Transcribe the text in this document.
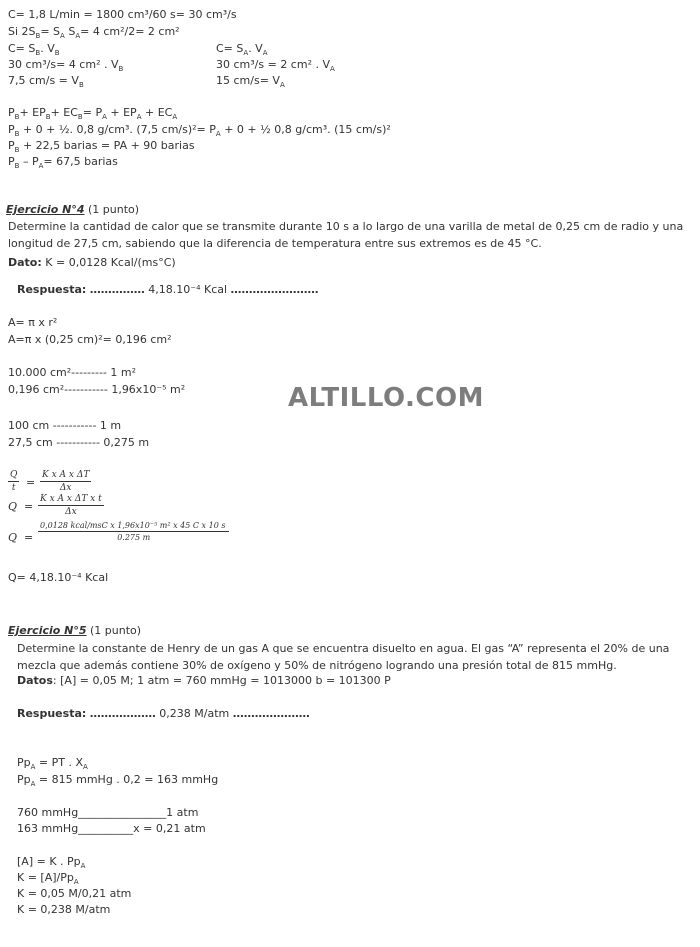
C= 1,8 L/min = 1800 cm³/60 s= 30 cm³/s
Si $2S_B= S_A$ $S_A= 4$ cm²/2= 2 cm²
$C= S_B$. $V_B$
30 cm³/s= 4 cm² . $V_B$
7,5 $cm/s = V_B$
$C= S_A$. $V_A$
30 cm³/s = 2 cm² . $V_A$
15 $cm/s= V_A$
$P_B+ EP_B+ EC_B= P_A + EP_A + EC_A$
$P_B + 0$ + ½. 0,8 g/cm³. (7,5 $cm/s)^2= P_A + 0$ + ½ 0,8 g/cm³. (15 cm/s)²
$P_B + 22,5$ barias = PA + 90 barias
$P_B - P_A= 67,5$ barias
Ejercicio N°4 (1 punto)
Determine la cantidad de calor que se transmite durante 10 s a lo largo de una varilla de metal de 0,25 cm de radio y una longitud de 27,5 cm, sabiendo que la diferencia de temperatura entre sus extremos es de 45 °C.
Dato: K = 0,0128 Kcal/(ms°C)
Respuesta: …………… 4,18.10⁻⁴ Kcal ……………………
A= π x r²
A=π x (0,25 cm)²= 0,196 cm²
10.000 cm²--------- 1 m²
0,196 cm²----------- 1,96x10⁻⁵ m²
100 cm ----------- 1 m
27,5 cm ----------- 0,275 m
$\frac{Q}{t} = \frac{\text{K x A x ΔT}}{\Delta x}$
$Q = \frac{\text{K x A x ΔT x t}}{\Delta x}$
Q  =
0,0128 kcal/msC x 1,96x10⁻⁵ m² x 45 C x 10 s
0.275 m
Q= 4,18.10⁻⁴ Kcal
ALTILLO.COM
Ejercicio N°5 (1 punto)
Determine la constante de Henry de un gas A que se encuentra disuelto en agua. El gas “A” representa el 20% de una mezcla que además contiene 30% de oxígeno y 50% de nitrógeno logrando una presión total de 815 mmHg.
Datos: [A] = 0,05 M; 1 atm = 760 mmHg = 1013000 b = 101300 P
Respuesta: ……………… 0,238 M/atm …………………
$Pp_A$ = PT . $X_A$
$Pp_A = 815$ mmHg . 0,2 = 163 mmHg
760 mmHg________________1 atm
163 mmHg__________x = 0,21 atm
[A] = K . $Pp_A$
$K = [A]/Pp_A$
K = 0,05 M/0,21 atm
K = 0,238 M/atm
